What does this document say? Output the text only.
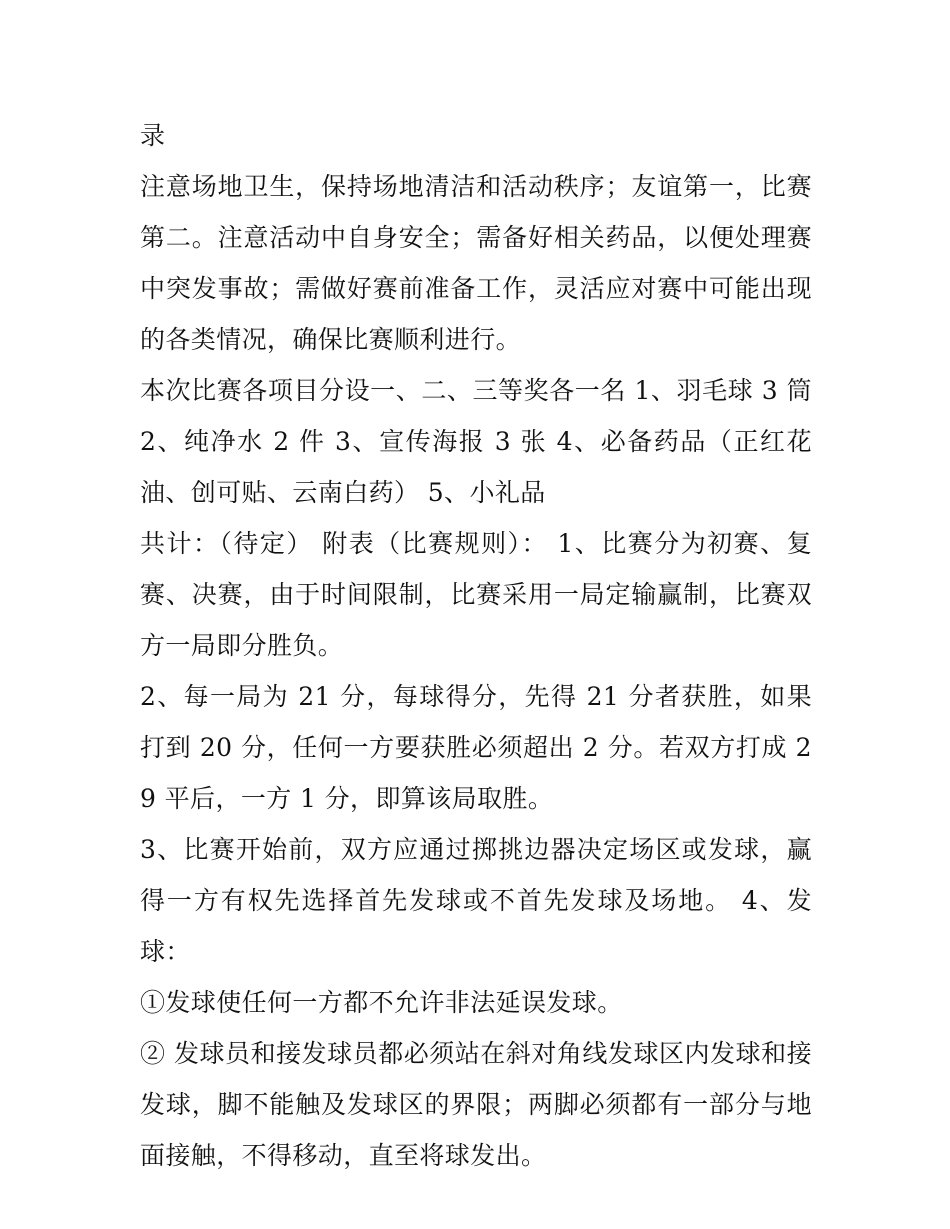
录

注意场地卫生，保持场地清洁和活动秩序；友谊第一，比赛第二。注意活动中自身安全；需备好相关药品，以便处理赛中突发事故；需做好赛前准备工作，灵活应对赛中可能出现的各类情况，确保比赛顺利进行。

本次比赛各项目分设一、二、三等奖各一名 1、羽毛球 3 筒 2、纯净水 2 件 3、宣传海报 3 张 4、必备药品（正红花油、创可贴、云南白药） 5、小礼品

共计：（待定） 附表（比赛规则）： 1、比赛分为初赛、复赛、决赛，由于时间限制，比赛采用一局定输赢制，比赛双方一局即分胜负。

2、每一局为 21 分，每球得分，先得 21 分者获胜，如果打到 20 分，任何一方要获胜必须超出 2 分。若双方打成 29 平后，一方 1 分，即算该局取胜。

3、比赛开始前，双方应通过掷挑边器决定场区或发球，赢得一方有权先选择首先发球或不首先发球及场地。 4、发球：

①发球使任何一方都不允许非法延误发球。

② 发球员和接发球员都必须站在斜对角线发球区内发球和接发球，脚不能触及发球区的界限；两脚必须都有一部分与地面接触，不得移动，直至将球发出。
